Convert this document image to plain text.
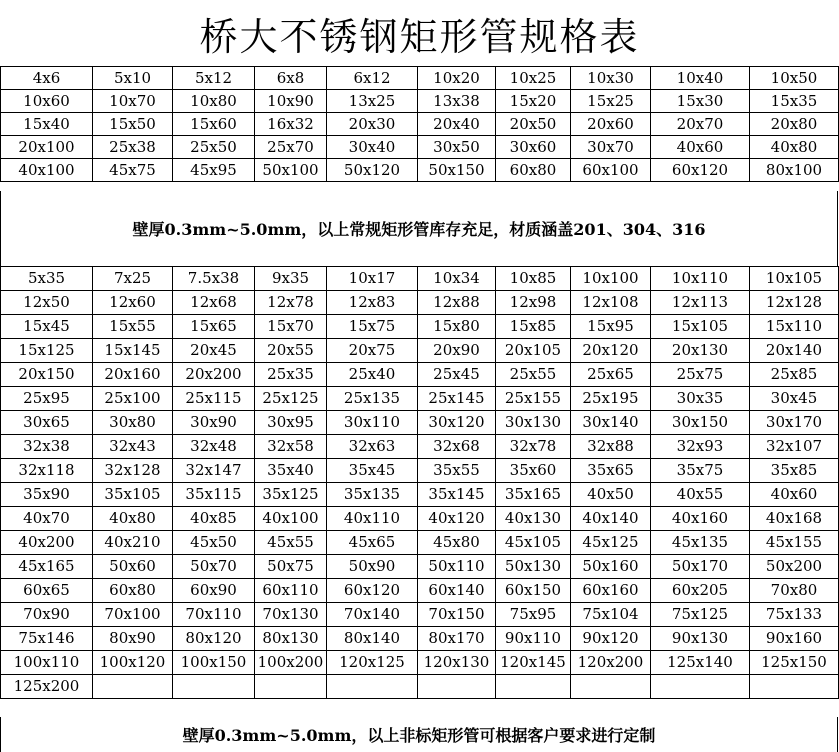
桥大不锈钢矩形管规格表
4x6	5x10	5x12	6x8	6x12	10x20	10x25	10x30	10x40	10x50
10x60	10x70	10x80	10x90	13x25	13x38	15x20	15x25	15x30	15x35
15x40	15x50	15x60	16x32	20x30	20x40	20x50	20x60	20x70	20x80
20x100	25x38	25x50	25x70	30x40	30x50	30x60	30x70	40x60	40x80
40x100	45x75	45x95	50x100	50x120	50x150	60x80	60x100	60x120	80x100
壁厚0.3mm~5.0mm，以上常规矩形管库存充足，材质涵盖201、304、316
5x35	7x25	7.5x38	9x35	10x17	10x34	10x85	10x100	10x110	10x105
12x50	12x60	12x68	12x78	12x83	12x88	12x98	12x108	12x113	12x128
15x45	15x55	15x65	15x70	15x75	15x80	15x85	15x95	15x105	15x110
15x125	15x145	20x45	20x55	20x75	20x90	20x105	20x120	20x130	20x140
20x150	20x160	20x200	25x35	25x40	25x45	25x55	25x65	25x75	25x85
25x95	25x100	25x115	25x125	25x135	25x145	25x155	25x195	30x35	30x45
30x65	30x80	30x90	30x95	30x110	30x120	30x130	30x140	30x150	30x170
32x38	32x43	32x48	32x58	32x63	32x68	32x78	32x88	32x93	32x107
32x118	32x128	32x147	35x40	35x45	35x55	35x60	35x65	35x75	35x85
35x90	35x105	35x115	35x125	35x135	35x145	35x165	40x50	40x55	40x60
40x70	40x80	40x85	40x100	40x110	40x120	40x130	40x140	40x160	40x168
40x200	40x210	45x50	45x55	45x65	45x80	45x105	45x125	45x135	45x155
45x165	50x60	50x70	50x75	50x90	50x110	50x130	50x160	50x170	50x200
60x65	60x80	60x90	60x110	60x120	60x140	60x150	60x160	60x205	70x80
70x90	70x100	70x110	70x130	70x140	70x150	75x95	75x104	75x125	75x133
75x146	80x90	80x120	80x130	80x140	80x170	90x110	90x120	90x130	90x160
100x110	100x120	100x150	100x200	120x125	120x130	120x145	120x200	125x140	125x150
125x200									
壁厚0.3mm~5.0mm，以上非标矩形管可根据客户要求进行定制
